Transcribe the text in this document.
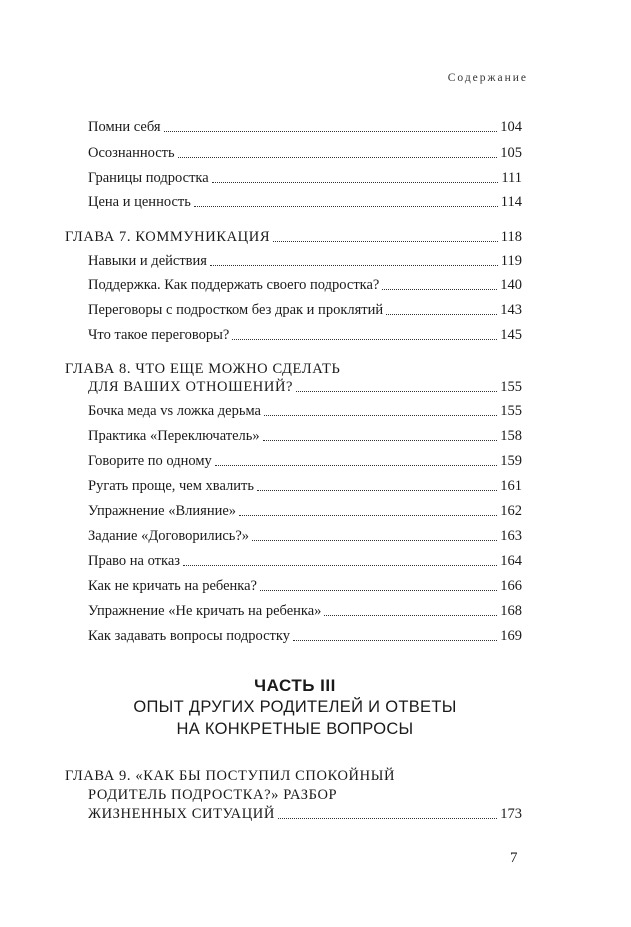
Содержание
Помни себя	104
Осознанность	105
Границы подростка	111
Цена и ценность	114
ГЛАВА 7. КОММУНИКАЦИЯ	118
Навыки и действия	119
Поддержка. Как поддержать своего подростка?	140
Переговоры с подростком без драк и проклятий	143
Что такое переговоры?	145
ГЛАВА 8. ЧТО ЕЩЕ МОЖНО СДЕЛАТЬ
ДЛЯ ВАШИХ ОТНОШЕНИЙ?	155
Бочка меда vs ложка дерьма	155
Практика «Переключатель»	158
Говорите по одному	159
Ругать проще, чем хвалить	161
Упражнение «Влияние»	162
Задание «Договорились?»	163
Право на отказ	164
Как не кричать на ребенка?	166
Упражнение «Не кричать на ребенка»	168
Как задавать вопросы подростку	169
ЧАСТЬ III
ОПЫТ ДРУГИХ РОДИТЕЛЕЙ И ОТВЕТЫ
НА КОНКРЕТНЫЕ ВОПРОСЫ
ГЛАВА 9. «КАК БЫ ПОСТУПИЛ СПОКОЙНЫЙ
РОДИТЕЛЬ ПОДРОСТКА?» РАЗБОР
ЖИЗНЕННЫХ СИТУАЦИЙ	173
7
